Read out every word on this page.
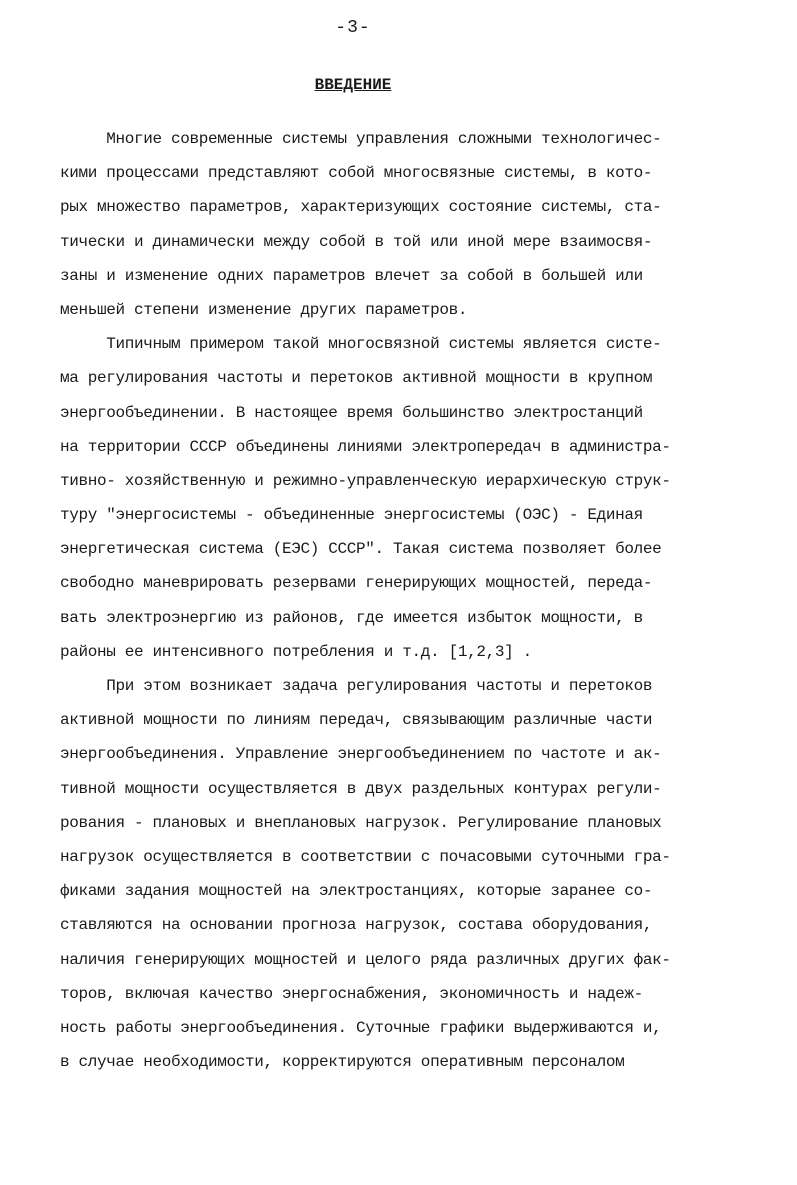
-3-
ВВЕДЕНИЕ
Многие современные системы управления сложными технологичес-
кими процессами представляют собой многосвязные системы, в кото-
рых множество параметров, характеризующих состояние системы, ста-
тически и динамически между собой в той или иной мере взаимосвя-
заны и изменение одних параметров влечет за собой в большей или
меньшей степени изменение других параметров.
Типичным примером такой многосвязной системы является систе-
ма регулирования частоты и перетоков активной мощности в крупном
энергообъединении. В настоящее время большинство электростанций
на территории СССР объединены линиями электропередач в администра-
тивно- хозяйственную и режимно-управленческую иерархическую струк-
туру "энергосистемы - объединенные энергосистемы (ОЭС) - Единая
энергетическая система (ЕЭС) СССР". Такая система позволяет более
свободно маневрировать резервами генерирующих мощностей, переда-
вать электроэнергию из районов, где имеется избыток мощности, в
районы ее интенсивного потребления и т.д. [1,2,3] .
При этом возникает задача регулирования частоты и перетоков
активной мощности по линиям передач, связывающим различные части
энергообъединения. Управление энергообъединением по частоте и ак-
тивной мощности осуществляется в двух раздельных контурах регули-
рования - плановых и внеплановых нагрузок. Регулирование плановых
нагрузок осуществляется в соответствии с почасовыми суточными гра-
фиками задания мощностей на электростанциях, которые заранее со-
ставляются на основании прогноза нагрузок, состава оборудования,
наличия генерирующих мощностей и целого ряда различных других фак-
торов, включая качество энергоснабжения, экономичность и надеж-
ность работы энергообъединения. Суточные графики выдерживаются и,
в случае необходимости, корректируются оперативным персоналом
